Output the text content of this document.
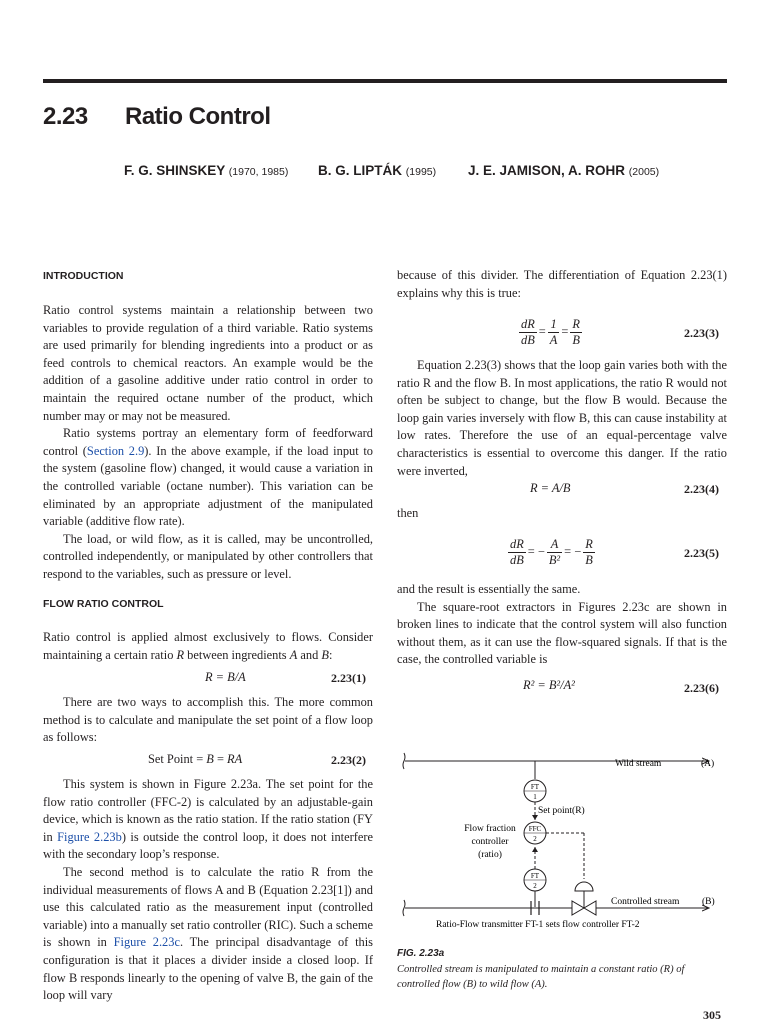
2.23 Ratio Control
F. G. SHINSKEY (1970, 1985) B. G. LIPTÁK (1995) J. E. JAMISON, A. ROHR (2005)
INTRODUCTION

Ratio control systems maintain a relationship between two variables to provide regulation of a third variable. Ratio systems are used primarily for blending ingredients into a product or as feed controls to chemical reactors. An example would be the addition of a gasoline additive under ratio control in order to maintain the required octane number of the product, which number may or may not be measured.

Ratio systems portray an elementary form of feedforward control (Section 2.9). In the above example, if the load input to the system (gasoline flow) changed, it would cause a variation in the controlled variable (octane number). This variation can be eliminated by an appropriate adjustment of the manipulated variable (additive flow rate).

The load, or wild flow, as it is called, may be uncontrolled, controlled independently, or manipulated by other controllers that respond to the variables, such as pressure or level.

FLOW RATIO CONTROL

Ratio control is applied almost exclusively to flows. Consider maintaining a certain ratio R between ingredients A and B:

R = B/A	2.23(1)

There are two ways to accomplish this. The more common method is to calculate and manipulate the set point of a flow loop as follows:

Set Point = B = RA	2.23(2)

This system is shown in Figure 2.23a. The set point for the flow ratio controller (FFC-2) is calculated by an adjustable-gain device, which is known as the ratio station. If the ratio station (FY in Figure 2.23b) is outside the control loop, it does not interfere with the secondary loop’s response.

The second method is to calculate the ratio R from the individual measurements of flows A and B (Equation 2.23[1]) and use this calculated ratio as the measurement input (controlled variable) into a manually set ratio controller (RIC). Such a scheme is shown in Figure 2.23c. The principal disadvantage of this configuration is that it places a divider inside a closed loop. If flow B responds linearly to the opening of valve B, the gain of the loop will vary

because of this divider. The differentiation of Equation 2.23(1) explains why this is true:

$\frac{dR}{dB} = \frac{1}{A} = \frac{R}{B}$	2.23(3)

Equation 2.23(3) shows that the loop gain varies both with the ratio R and the flow B. In most applications, the ratio R would not often be subject to change, but the flow B would. Because the loop gain varies inversely with flow B, this can cause instability at low rates. Therefore the use of an equal-percentage valve characteristics is essential to overcome this danger. If the ratio were inverted,

R = A/B	2.23(4)
then
$\frac{dR}{dB}$ = − $\frac{A}{\text{B²}}$ = − $\frac{R}{B}$	2.23(5)

and the result is essentially the same.

The square-root extractors in Figures 2.23c are shown in broken lines to indicate that the control system will also function without them, as it can use the flow-squared signals. If that is the case, the controlled variable is

R² = B²/A²	2.23(6)
Wild stream	(A)
FT
1
Set point(R)
FFC
2
Flow fraction
controller
(ratio)
FT
2
Controlled stream (B)
Ratio-Flow transmitter FT-1 sets flow controller FT-2
FIG. 2.23a
Controlled stream is manipulated to maintain a constant ratio (R) of controlled flow (B) to wild flow (A).
305
